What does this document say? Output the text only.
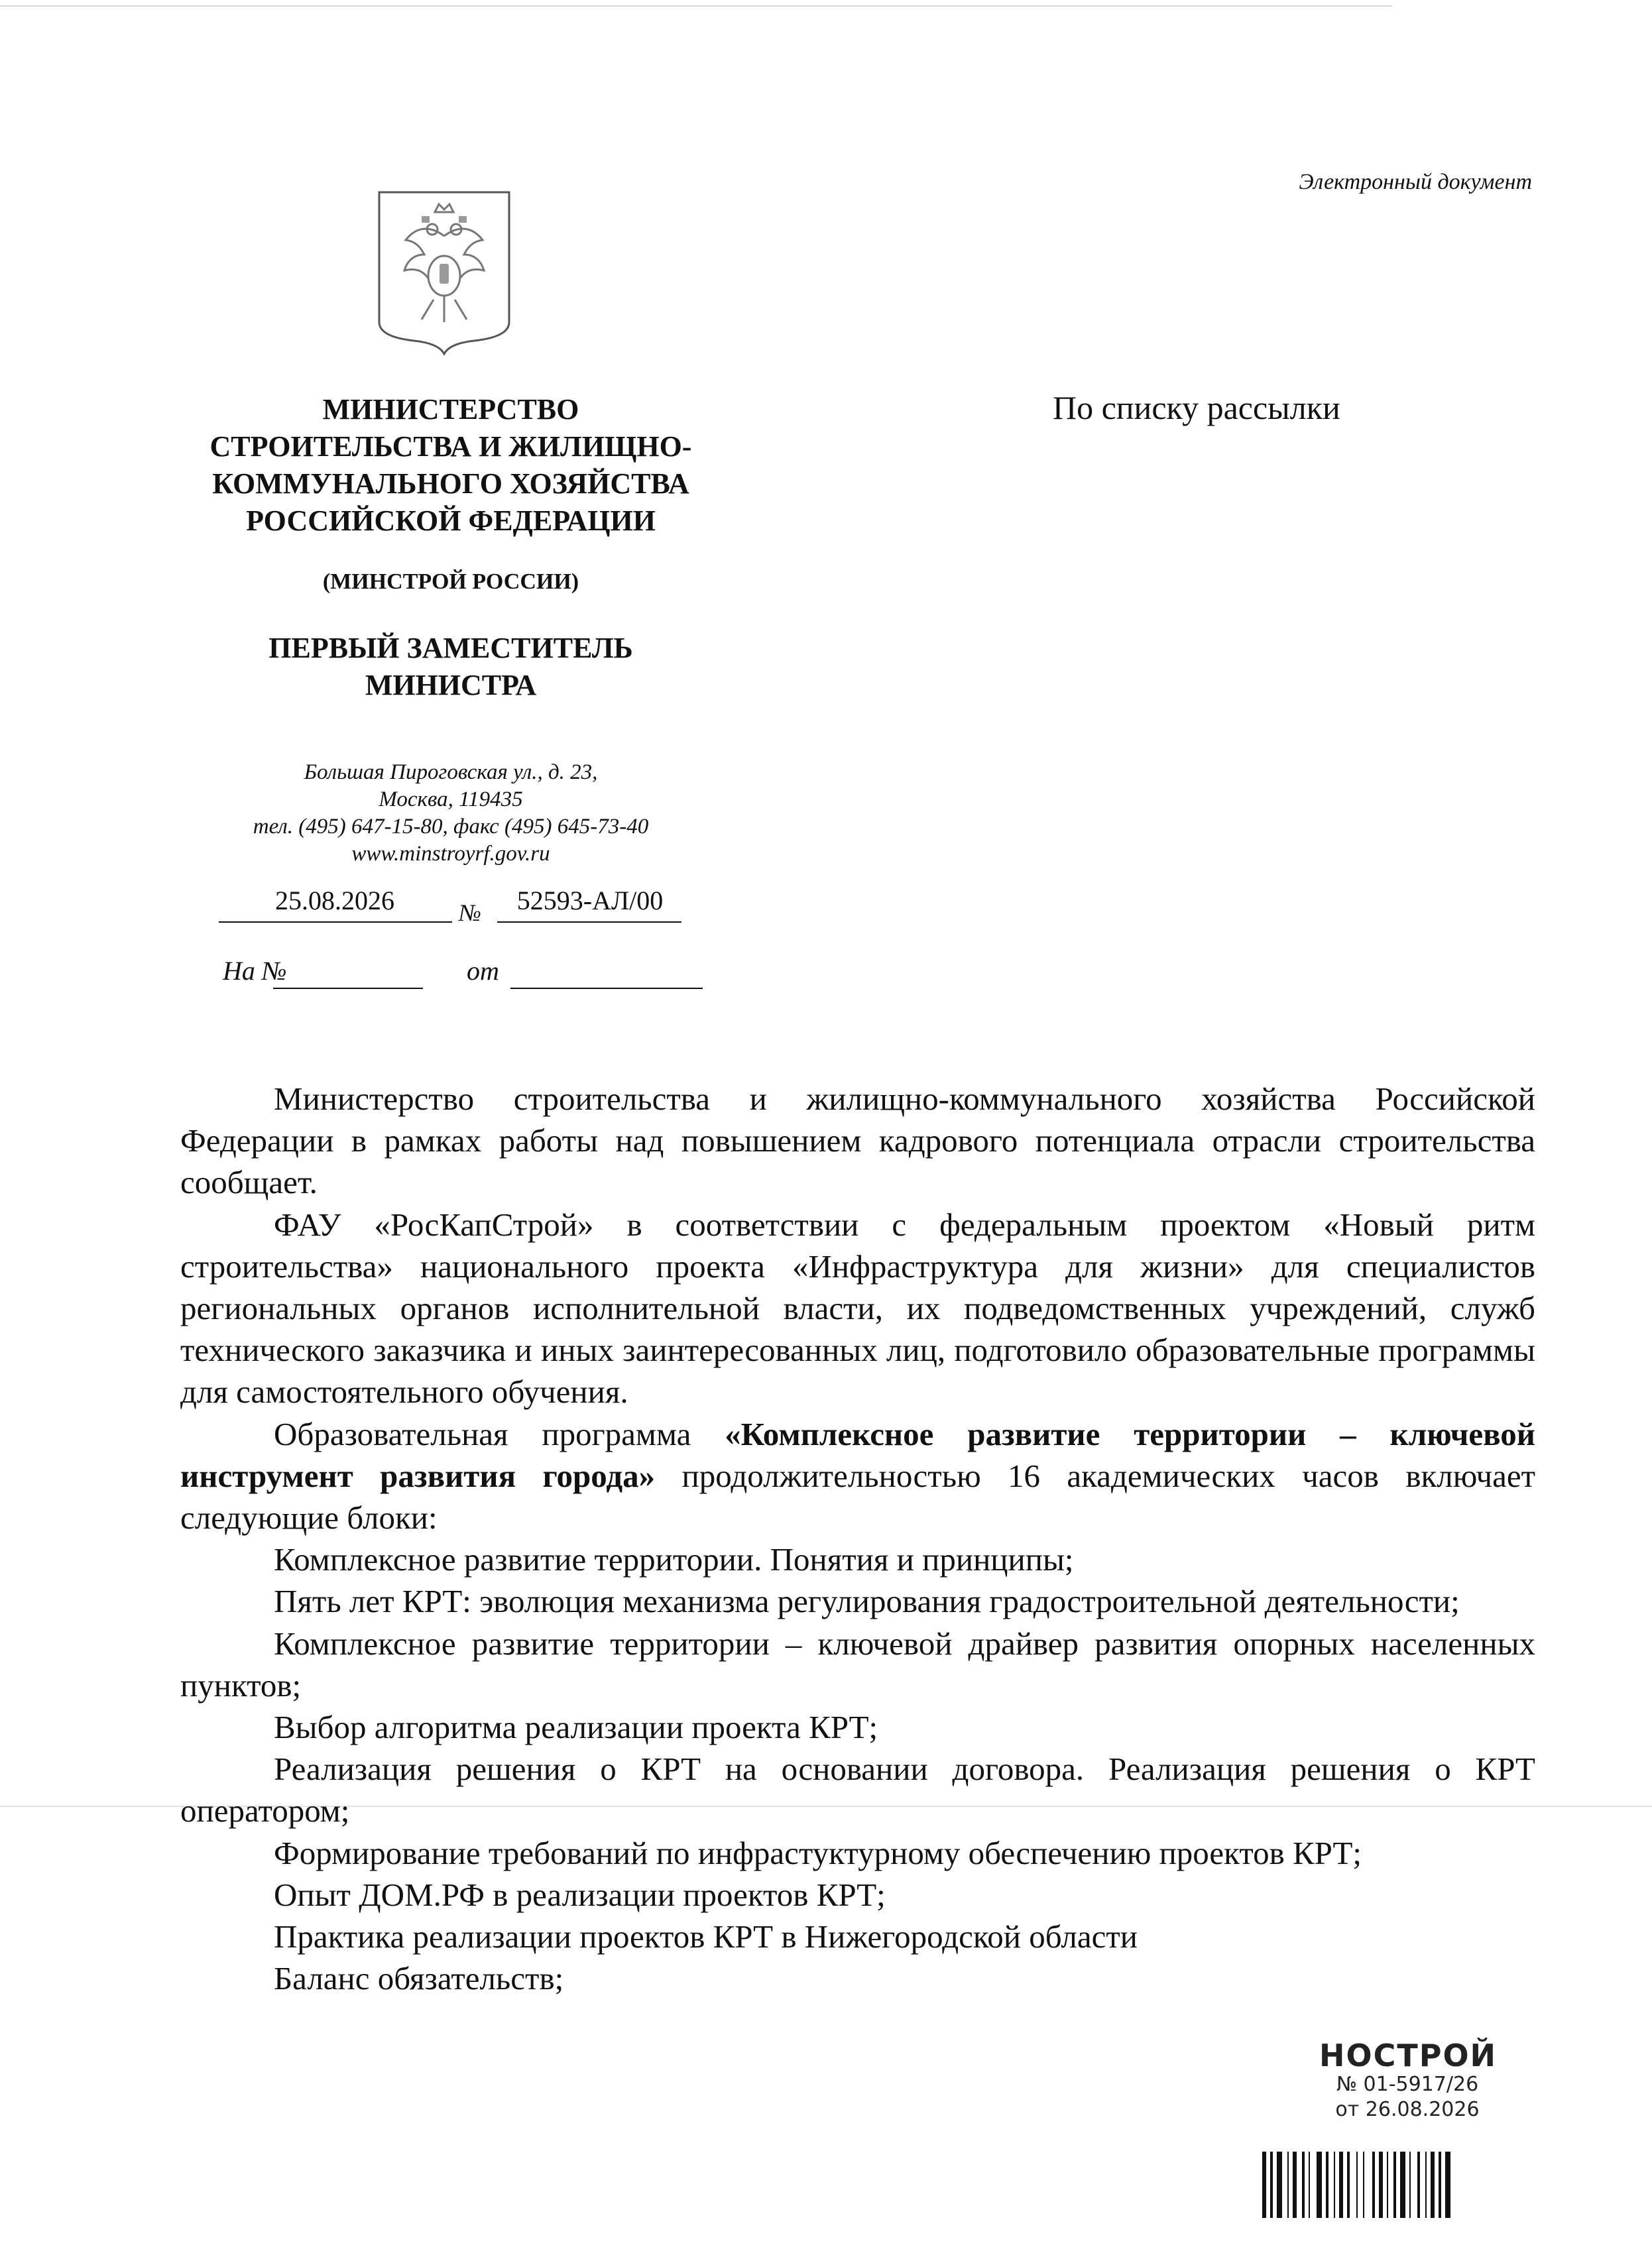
Электронный документ
МИНИСТЕРСТВО
СТРОИТЕЛЬСТВА И ЖИЛИЩНО-
КОММУНАЛЬНОГО ХОЗЯЙСТВА
РОССИЙСКОЙ ФЕДЕРАЦИИ
(МИНСТРОЙ РОССИИ)
ПЕРВЫЙ ЗАМЕСТИТЕЛЬ
МИНИСТРА
Большая Пироговская ул., д. 23,
Москва, 119435
тел. (495) 647-15-80, факс (495) 645-73-40
www.minstroyrf.gov.ru
25.08.2026	№	52593-АЛ/00
На №	от
По списку рассылки

Министерство строительства и жилищно-коммунального хозяйства Российской Федерации в рамках работы над повышением кадрового потенциала отрасли строительства сообщает.

ФАУ «РосКапСтрой» в соответствии с федеральным проектом «Новый ритм строительства» национального проекта «Инфраструктура для жизни» для специалистов региональных органов исполнительной власти, их подведомственных учреждений, служб технического заказчика и иных заинтересованных лиц, подготовило образовательные программы для самостоятельного обучения.

Образовательная программа «Комплексное развитие территории – ключевой инструмент развития города» продолжительностью 16 академических часов включает следующие блоки:

Комплексное развитие территории. Понятия и принципы;

Пять лет КРТ: эволюция механизма регулирования градостроительной деятельности;

Комплексное развитие территории – ключевой драйвер развития опорных населенных пунктов;

Выбор алгоритма реализации проекта КРТ;

Реализация решения о КРТ на основании договора. Реализация решения о КРТ оператором;

Формирование требований по инфрастуктурному обеспечению проектов КРТ;

Опыт ДОМ.РФ в реализации проектов КРТ;

Практика реализации проектов КРТ в Нижегородской области

Баланс обязательств;

НОСТРОЙ
№ 01-5917/26
от 26.08.2026
